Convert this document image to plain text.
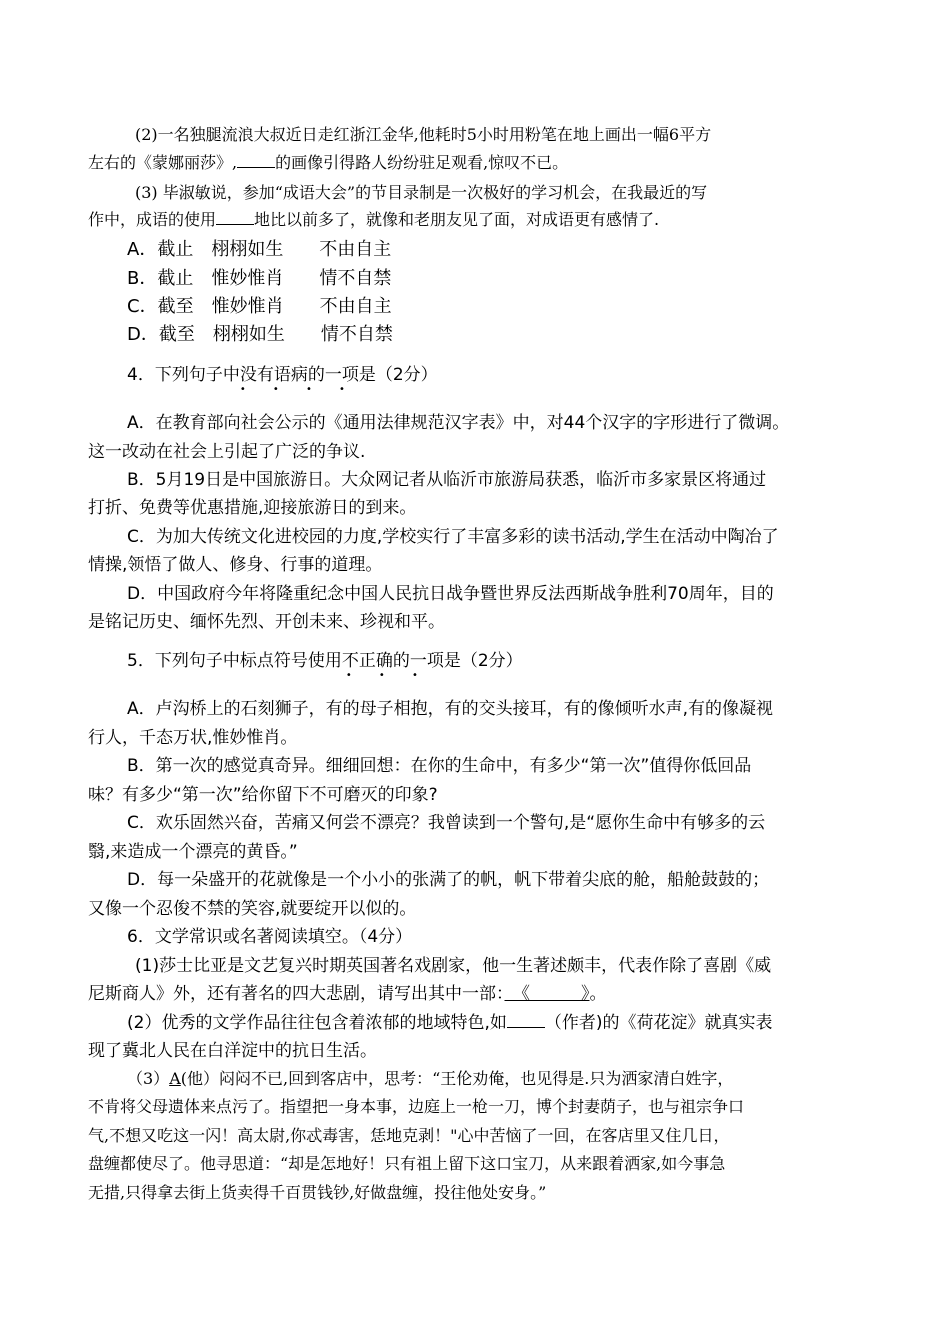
(2)一名独腿流浪大叔近日走红浙江金华,他耗时5小时用粉笔在地上画出一幅6平方
左右的《蒙娜丽莎》, 的画像引得路人纷纷驻足观看,惊叹不已。
(3) 毕淑敏说，参加“成语大会”的节目录制是一次极好的学习机会，在我最近的写
作中，成语的使用 地比以前多了，就像和老朋友见了面，对成语更有感情了.
A．截止　栩栩如生　　不由自主
B．截止　惟妙惟肖　　情不自禁
C．截至　惟妙惟肖　　不由自主
D．截至　栩栩如生　　情不自禁
4．下列句子中没有语病
• • • •
的一项是（2分）
A．在教育部向社会公示的《通用法律规范汉字表》中，对44个汉字的字形进行了微调。
这一改动在社会上引起了广泛的争议.
B．5月19日是中国旅游日。大众网记者从临沂市旅游局获悉，临沂市多家景区将通过
打折、免费等优惠措施,迎接旅游日的到来。
C．为加大传统文化进校园的力度,学校实行了丰富多彩的读书活动,学生在活动中陶冶了
情操,领悟了做人、修身、行事的道理。
D．中国政府今年将隆重纪念中国人民抗日战争暨世界反法西斯战争胜利70周年，目的
是铭记历史、缅怀先烈、开创未来、珍视和平。
5．下列句子中标点符号使用不正确
• • •
的一项是（2分）
A．卢沟桥上的石刻狮子，有的母子相抱，有的交头接耳，有的像倾听水声,有的像凝视
行人，千态万状,惟妙惟肖。
B．第一次的感觉真奇异。细细回想：在你的生命中，有多少“第一次”值得你低回品
味？有多少“第一次”给你留下不可磨灭的印象?
C．欢乐固然兴奋，苦痛又何尝不漂亮？我曾读到一个警句,是“愿你生命中有够多的云
翳,来造成一个漂亮的黄昏。”
D．每一朵盛开的花就像是一个小小的张满了的帆，帆下带着尖底的舱，船舱鼓鼓的；
又像一个忍俊不禁的笑容,就要绽开以似的。
6．文学常识或名著阅读填空。（4分）
(1)莎士比亚是文艺复兴时期英国著名戏剧家，他一生著述颇丰，代表作除了喜剧《威
尼斯商人》外，还有著名的四大悲剧，请写出其中一部：　 《　　　	》。
(2）优秀的文学作品往往包含着浓郁的地域特色,如 （作者)的《荷花淀》就真实表
现了冀北人民在白洋淀中的抗日生活。
（3）A(他）闷闷不已,回到客店中，思考：“王伦劝俺，也见得是.只为洒家清白姓字，
不肯将父母遗体来点污了。指望把一身本事，边庭上一枪一刀，博个封妻荫子，也与祖宗争口
气,不想又吃这一闪！高太尉,你忒毒害，恁地克剥！"心中苦恼了一回，在客店里又住几日，
盘缠都使尽了。他寻思道：“却是怎地好！只有祖上留下这口宝刀，从来跟着洒家,如今事急
无措,只得拿去街上货卖得千百贯钱钞,好做盘缠，投往他处安身。”
